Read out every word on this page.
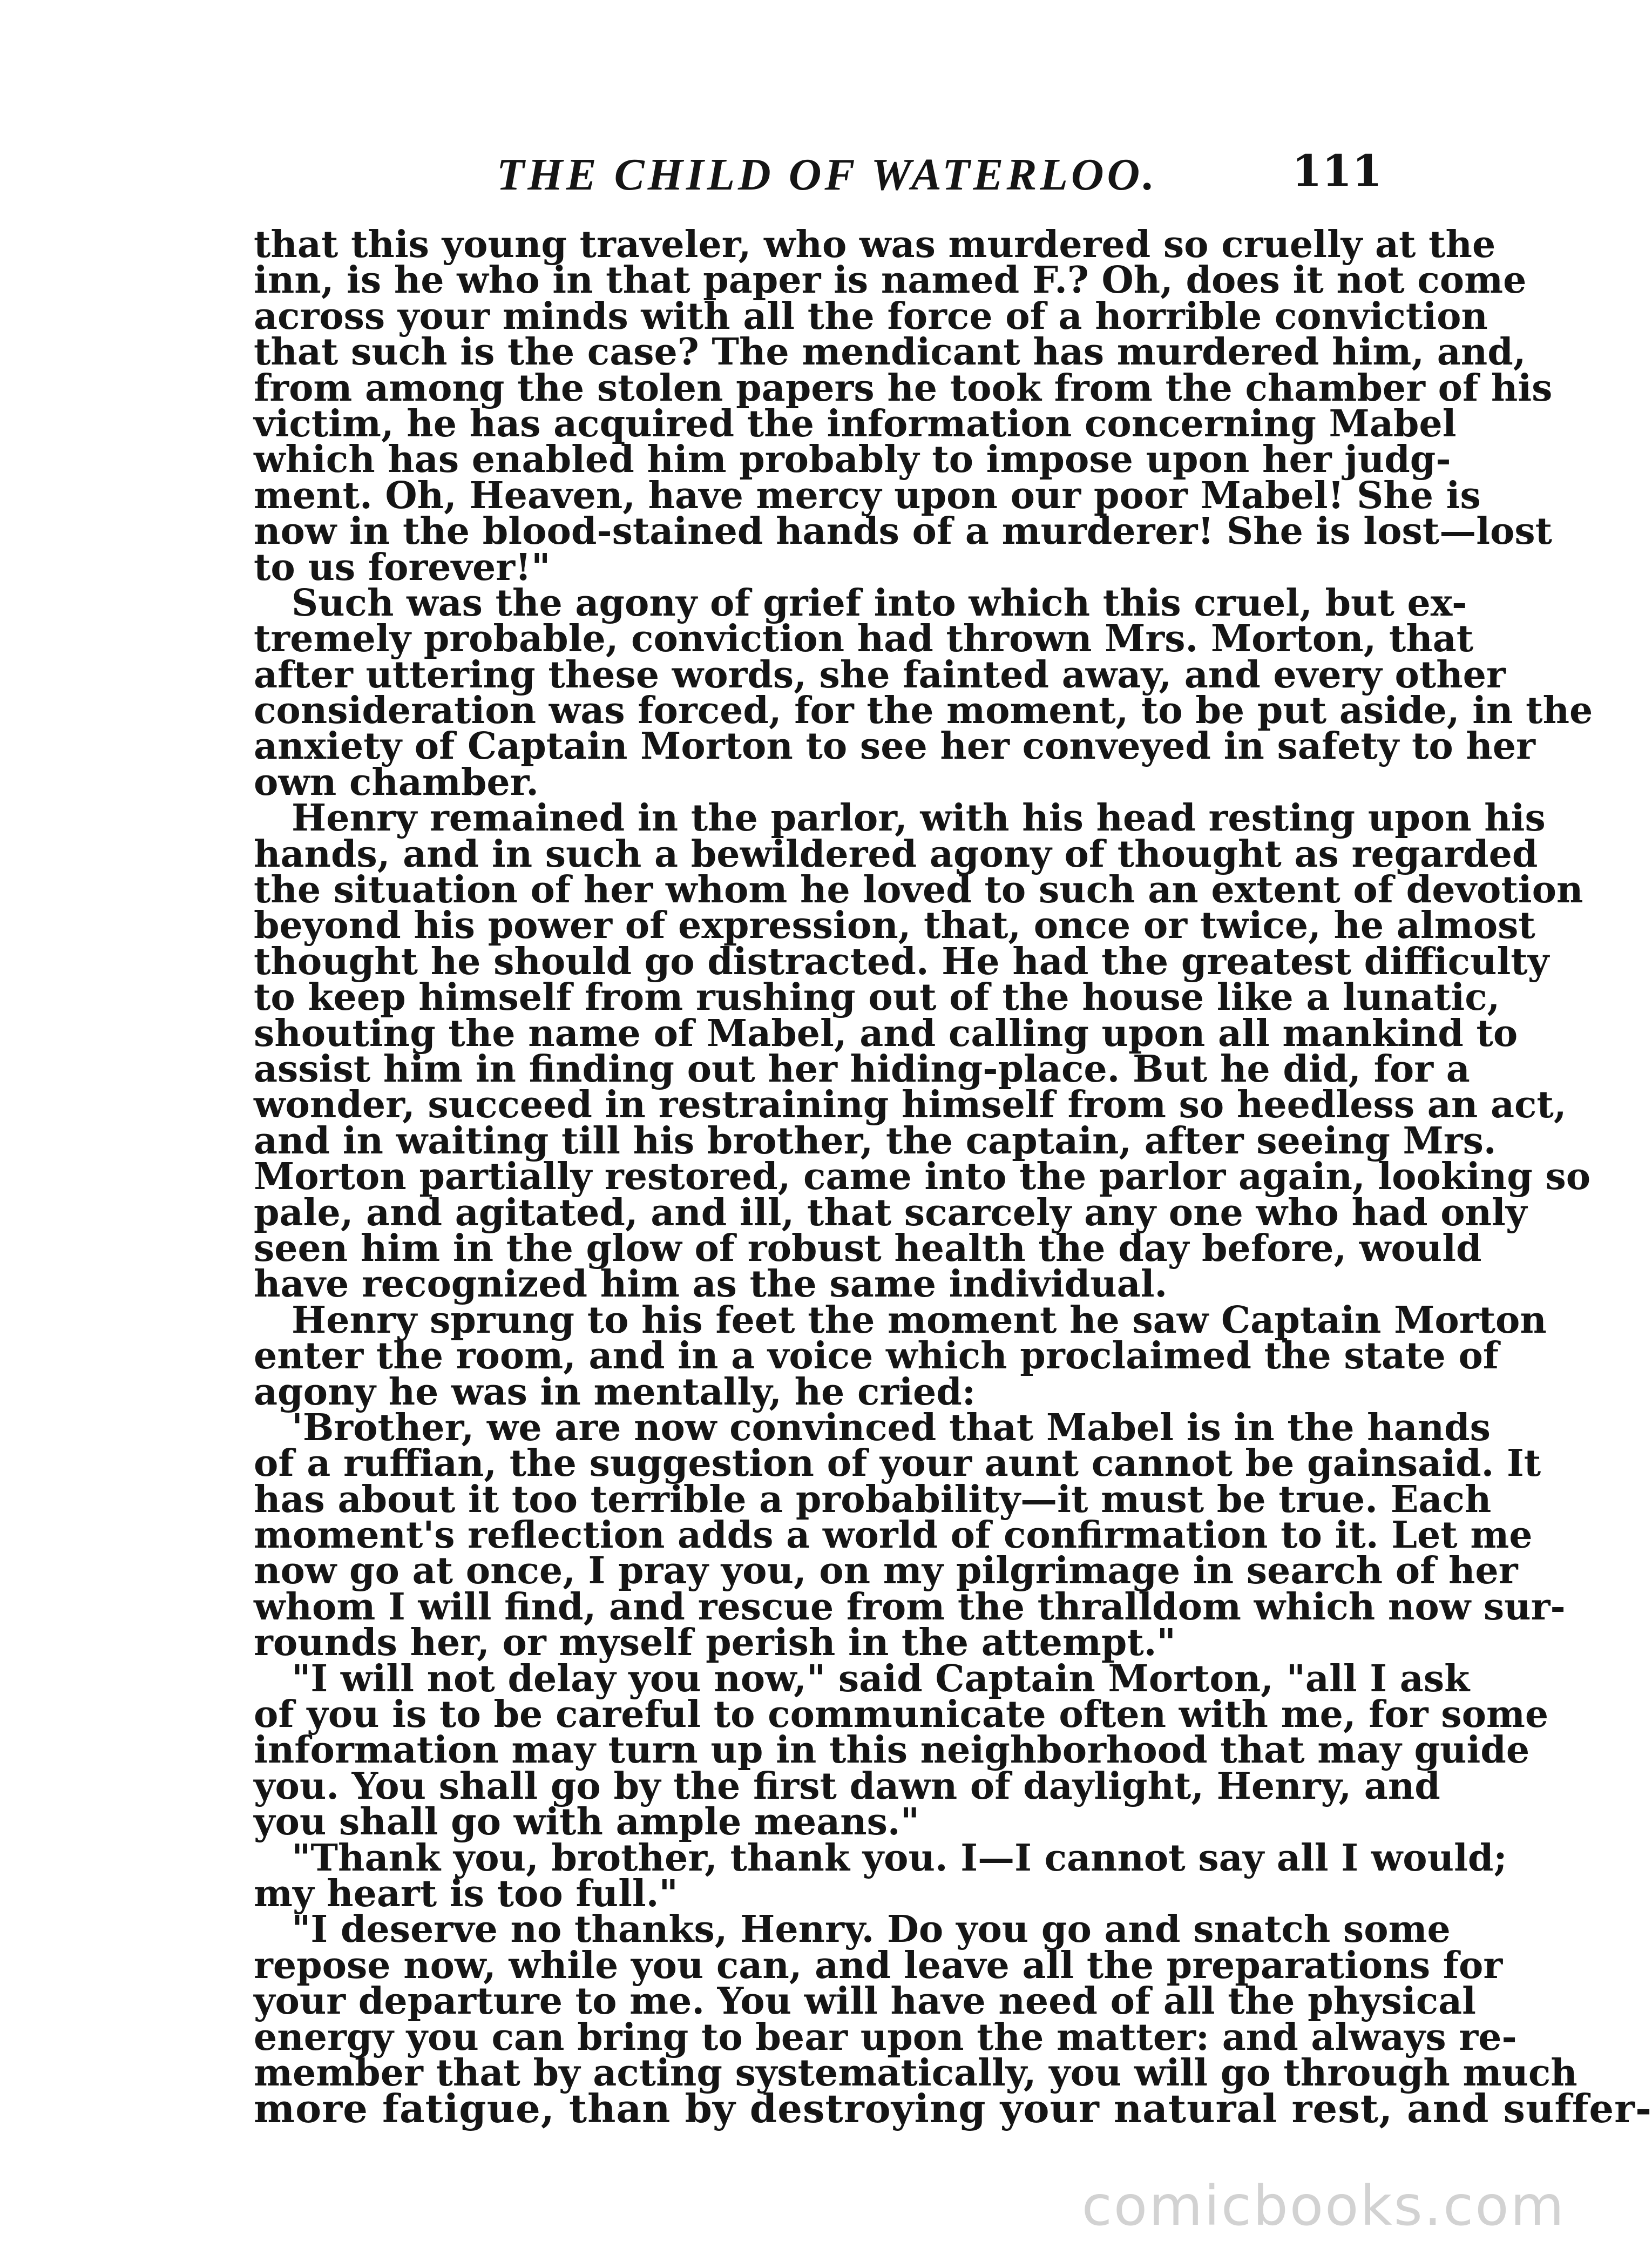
THE CHILD OF WATERLOO.	111
that this young traveler, who was murdered so cruelly at the
inn, is he who in that paper is named F.? Oh, does it not come
across your minds with all the force of a horrible conviction
that such is the case? The mendicant has murdered him, and,
from among the stolen papers he took from the chamber of his
victim, he has acquired the information concerning Mabel
which has enabled him probably to impose upon her judg-
ment. Oh, Heaven, have mercy upon our poor Mabel! She is
now in the blood-stained hands of a murderer! She is lost—lost
to us forever!"
Such was the agony of grief into which this cruel, but ex-
tremely probable, conviction had thrown Mrs. Morton, that
after uttering these words, she fainted away, and every other
consideration was forced, for the moment, to be put aside, in the
anxiety of Captain Morton to see her conveyed in safety to her
own chamber.
Henry remained in the parlor, with his head resting upon his
hands, and in such a bewildered agony of thought as regarded
the situation of her whom he loved to such an extent of devotion
beyond his power of expression, that, once or twice, he almost
thought he should go distracted. He had the greatest difficulty
to keep himself from rushing out of the house like a lunatic,
shouting the name of Mabel, and calling upon all mankind to
assist him in finding out her hiding-place. But he did, for a
wonder, succeed in restraining himself from so heedless an act,
and in waiting till his brother, the captain, after seeing Mrs.
Morton partially restored, came into the parlor again, looking so
pale, and agitated, and ill, that scarcely any one who had only
seen him in the glow of robust health the day before, would
have recognized him as the same individual.
Henry sprung to his feet the moment he saw Captain Morton
enter the room, and in a voice which proclaimed the state of
agony he was in mentally, he cried:
'Brother, we are now convinced that Mabel is in the hands
of a ruffian, the suggestion of your aunt cannot be gainsaid. It
has about it too terrible a probability—it must be true. Each
moment's reflection adds a world of confirmation to it. Let me
now go at once, I pray you, on my pilgrimage in search of her
whom I will find, and rescue from the thralldom which now sur-
rounds her, or myself perish in the attempt."
"I will not delay you now," said Captain Morton, "all I ask
of you is to be careful to communicate often with me, for some
information may turn up in this neighborhood that may guide
you. You shall go by the first dawn of daylight, Henry, and
you shall go with ample means."
"Thank you, brother, thank you. I—I cannot say all I would;
my heart is too full."
"I deserve no thanks, Henry. Do you go and snatch some
repose now, while you can, and leave all the preparations for
your departure to me. You will have need of all the physical
energy you can bring to bear upon the matter: and always re-
member that by acting systematically, you will go through much
more fatigue, than by destroying your natural rest, and suffer-
comicbooks.com
